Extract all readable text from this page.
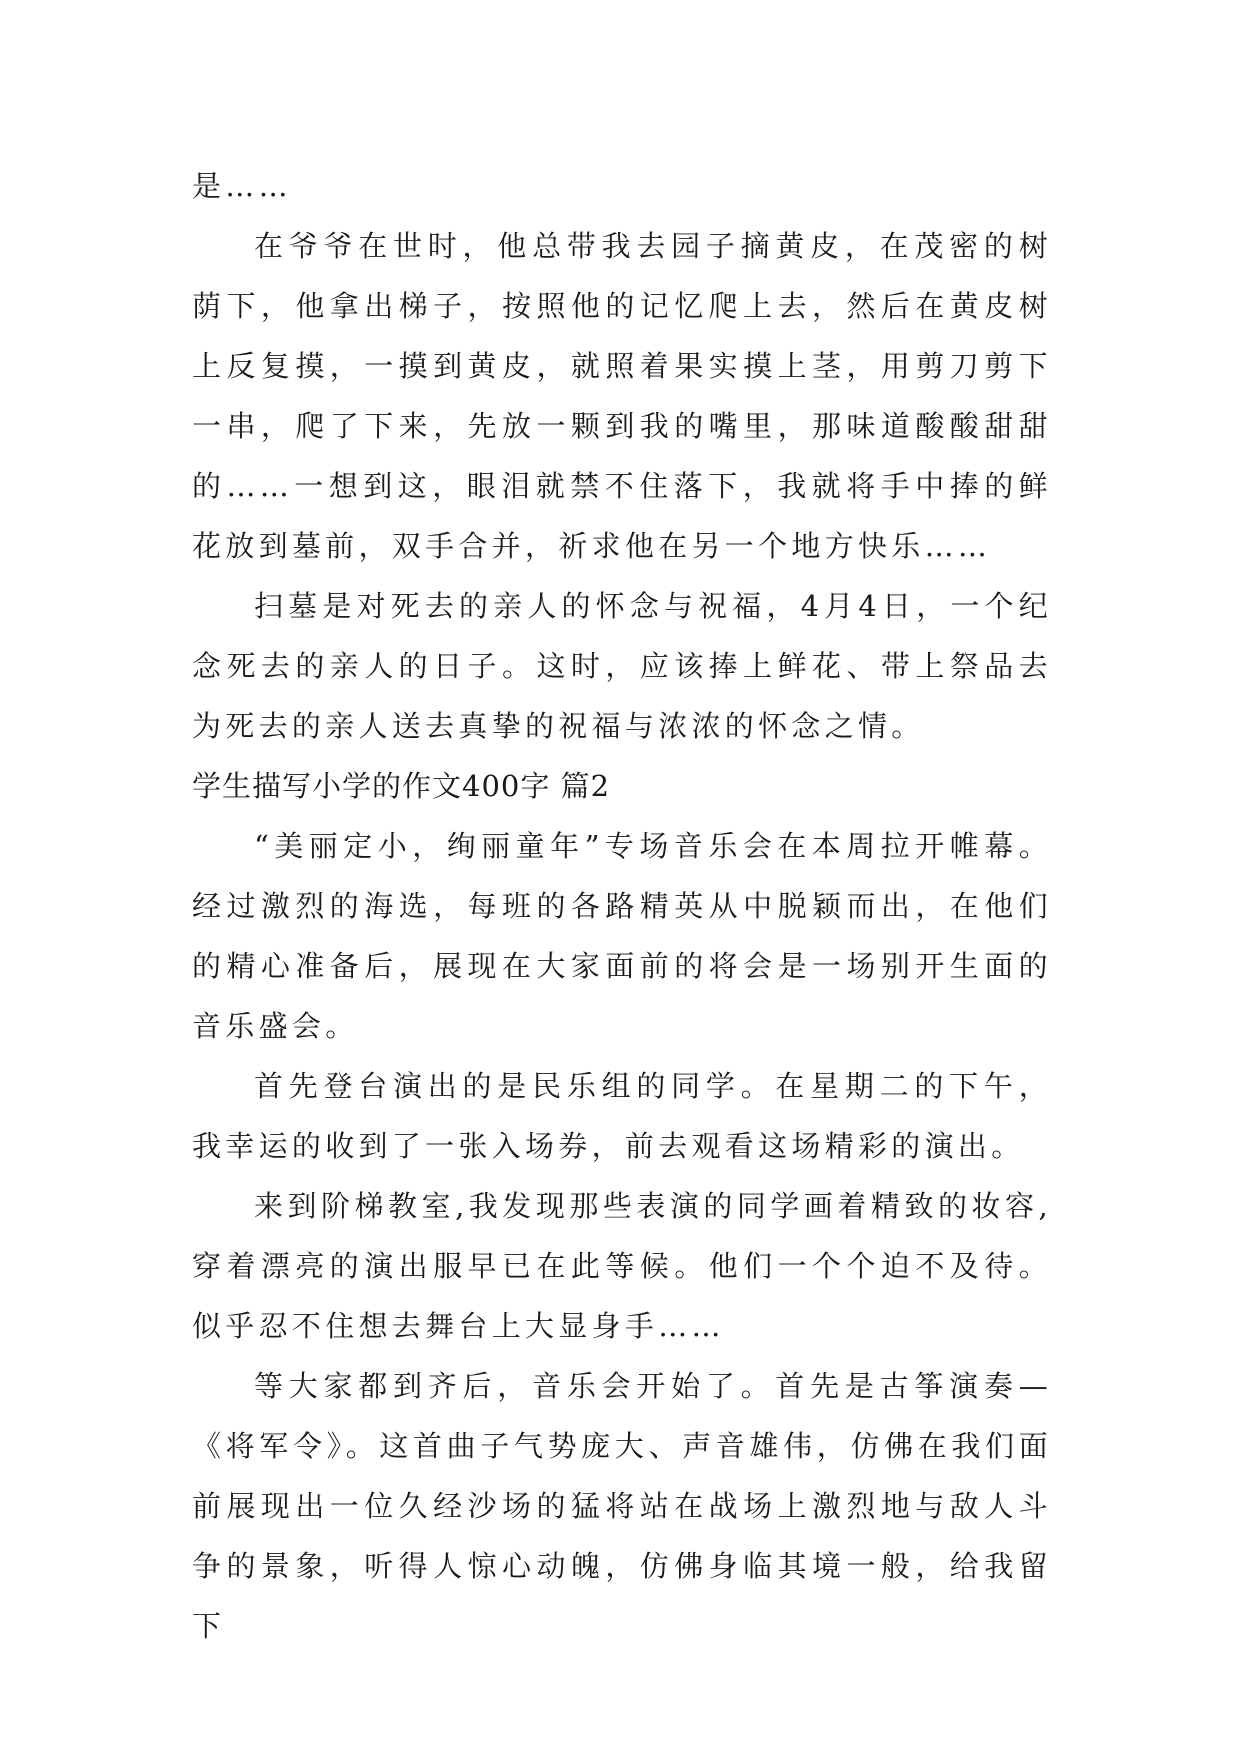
是……

在爷爷在世时，他总带我去园子摘黄皮，在茂密的树荫下，他拿出梯子，按照他的记忆爬上去，然后在黄皮树上反复摸，一摸到黄皮，就照着果实摸上茎，用剪刀剪下一串，爬了下来，先放一颗到我的嘴里，那味道酸酸甜甜的……一想到这，眼泪就禁不住落下，我就将手中捧的鲜花放到墓前，双手合并，祈求他在另一个地方快乐……

扫墓是对死去的亲人的怀念与祝福，4月4日，一个纪念死去的亲人的日子。这时，应该捧上鲜花、带上祭品去为死去的亲人送去真挚的祝福与浓浓的怀念之情。

学生描写小学的作文400字 篇2

“美丽定小，绚丽童年”专场音乐会在本周拉开帷幕。经过激烈的海选，每班的各路精英从中脱颖而出，在他们的精心准备后，展现在大家面前的将会是一场别开生面的音乐盛会。

首先登台演出的是民乐组的同学。在星期二的下午，我幸运的收到了一张入场券，前去观看这场精彩的演出。

来到阶梯教室,我发现那些表演的同学画着精致的妆容,穿着漂亮的演出服早已在此等候。他们一个个迫不及待。似乎忍不住想去舞台上大显身手……

等大家都到齐后，音乐会开始了。首先是古筝演奏—《将军令》。这首曲子气势庞大、声音雄伟，仿佛在我们面前展现出一位久经沙场的猛将站在战场上激烈地与敌人斗争的景象，听得人惊心动魄，仿佛身临其境一般，给我留下
